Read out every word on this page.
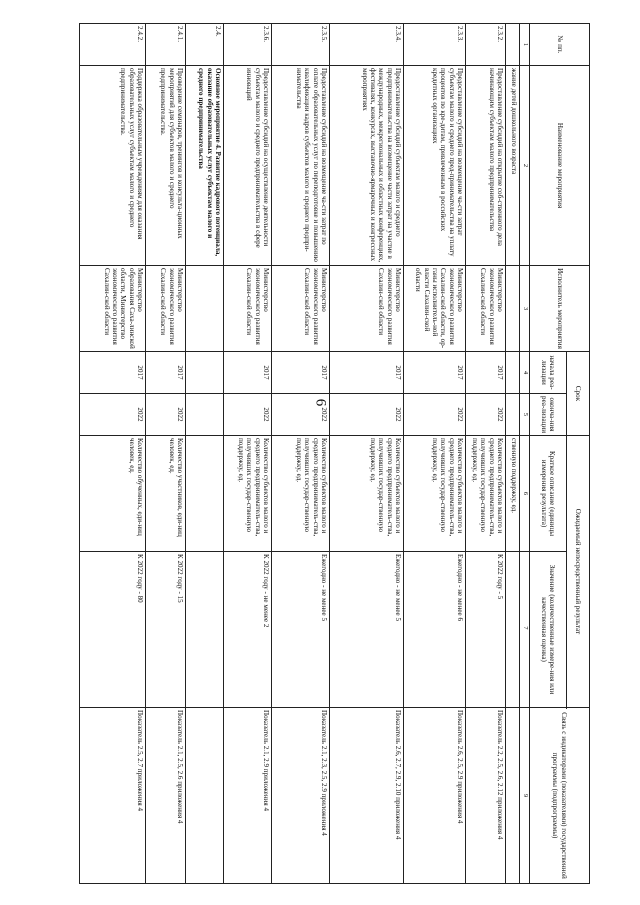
6
№ пп.	Наименование мероприятия	Исполнитель мероприятия	Срок		Ожидаемый непосредственный результат		Связь с индикаторами (показателями) государственной программы (подпрограммы)
			начала реа-лизации	оконча-ния реа-лизации	Краткое описание (единицы измерения результата)	Значение (количественные измере-ния или качественная оценка)	
1	2	3	4	5	6	7	9
	жание детей дошкольного возраста				ственную поддержку, ед.		
2.3.2.	Предоставление субсидий на открытие соб-ственного дела начинающим субъектам малого предпринимательства	Министерство экономического развития Сахалин-ской области	2017	2022	Количество субъектов малого и среднего предприниматель-ства, получивших государ-ственную поддержку, ед.	К 2022 году - 5	Показатель 2.2, 2.5, 2.6, 2.12 приложения 4
2.3.3.	Предоставление субсидий на возмещение ча-сти затрат субъектам малого и среднего пред-принимательства на уплату процентов по кре-дитам, привлеченным в российских кредитных организациях	Министерство экономического развития Сахалин-ской области, ор-ганы исполнитель-ной власти Сахалин-ской области	2017	2022	Количество субъектов малого и среднего предприниматель-ства, получивших государ-ственную поддержку, ед.	Ежегодно - не менее 6	Показатель 2.6, 2.5, 2.9 приложения 4
2.3.4.	Предоставление субсидий субъектам малого и среднего предпринимательства на возмещение части затрат на участие в международных, межрегиональных и областных конференциях, фестивалях, конкурсах, выставочно-ярмарочных и конгрессных мероприятиях	Министерство экономического развития Сахалин-ской области	2017	2022	Количество субъектов малого и среднего предприниматель-ства, получивших государ-ственную поддержку, ед.	Ежегодно - не менее 5	Показатель 2.6, 2.7, 2.9, 2.10 приложения 4
2.3.5.	Предоставление субсидий на возмещение ча-сти затрат по оплате образовательных услуг по переподготовке и повышению квалификации кадров субъектов малого и среднего предпри-нимательства	Министерство экономического развития Сахалин-ской области	2017	2022	Количество субъектов малого и среднего предприниматель-ства, получивших государ-ственную поддержку, ед.	Ежегодно - не менее 5	Показатель 2.1, 2.3, 2.5, 2.9 приложения 4
2.3.6.	Предоставление субсидий на осуществление деятельности субъектам малого и среднего предпринимательства в сфере инноваций	Министерство экономического развития Сахалин-ской области	2017	2022	Количество субъектов малого и среднего предприниматель-ства, получивших государ-ственную поддержку, ед.	К 2022 году - не менее 2	Показатель 2.1, 2.9 приложения 4
2.4.	Основное мероприятие 4. Развитие кадрового потенциала, оказание образовательных услуг субъектам малого и среднего предпринимательства						
2.4.1.	Проведение семинаров, тренингов и консульта-ционных мероприятий для субъектов малого и среднего предпринимательства.	Министерство экономического развития Сахалин-ской области	2017	2022	Количество участников, еди-ниц человек, ед.	К 2022 году - 15	Показатель 2.1, 2.5, 2.6 приложения 4
2.4.2.	Поддержка образовательным учреждениям для оказания образовательных услуг субъектам малого и среднего предпринимательства.	Министерство образования Саха-линской области, Министерство экономического развития Сахалин-ской области	2017	2022	Количество обученных, еди-ниц человек, ед.	К 2022 году - 80	Показатель 2.5, 2.7 приложения 4
